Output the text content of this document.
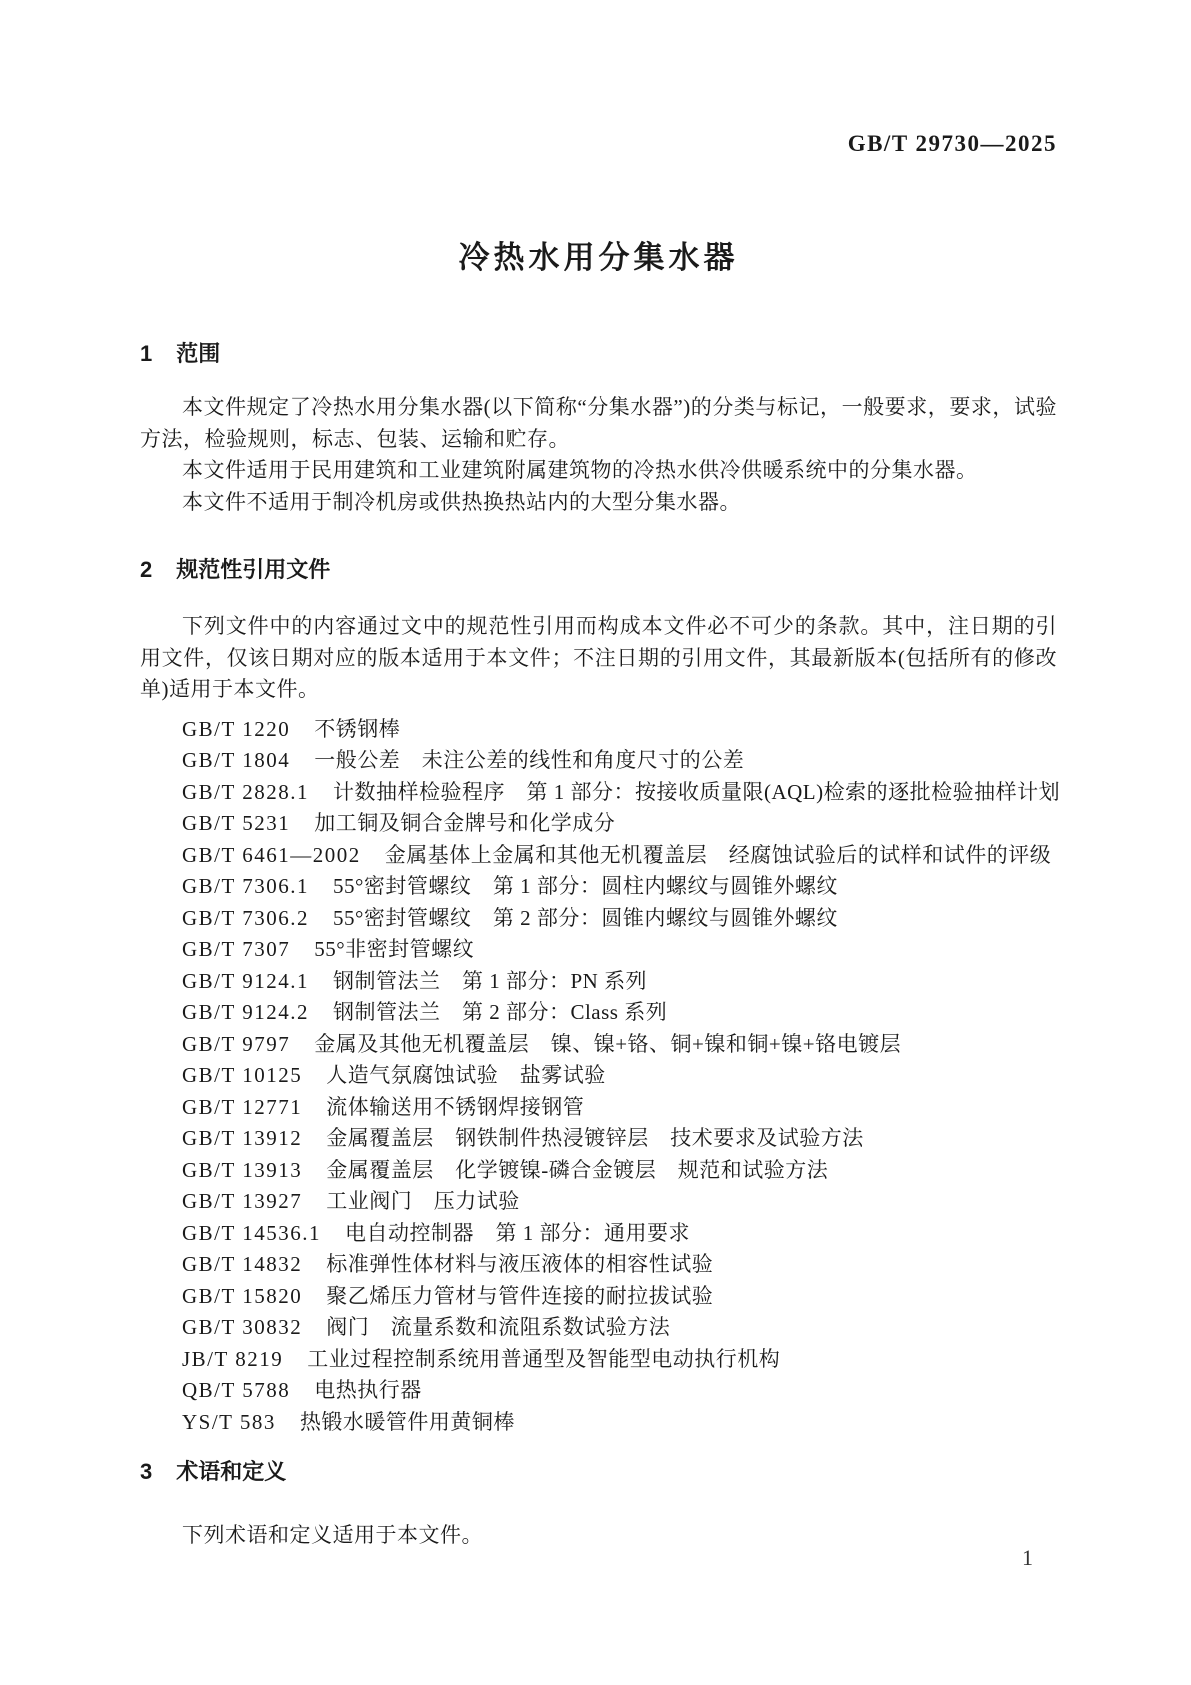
GB/T 29730—2025
冷热水用分集水器
1 范围

本文件规定了冷热水用分集水器(以下简称“分集水器”)的分类与标记，一般要求，要求，试验方法，检验规则，标志、包装、运输和贮存。

本文件适用于民用建筑和工业建筑附属建筑物的冷热水供冷供暖系统中的分集水器。

本文件不适用于制冷机房或供热换热站内的大型分集水器。

2 规范性引用文件

下列文件中的内容通过文中的规范性引用而构成本文件必不可少的条款。其中，注日期的引用文件，仅该日期对应的版本适用于本文件；不注日期的引用文件，其最新版本(包括所有的修改单)适用于本文件。

GB/T 1220 不锈钢棒
GB/T 1804 一般公差　未注公差的线性和角度尺寸的公差
GB/T 2828.1 计数抽样检验程序　第 1 部分：按接收质量限(AQL)检索的逐批检验抽样计划
GB/T 5231 加工铜及铜合金牌号和化学成分
GB/T 6461—2002 金属基体上金属和其他无机覆盖层　经腐蚀试验后的试样和试件的评级
GB/T 7306.1 55°密封管螺纹　第 1 部分：圆柱内螺纹与圆锥外螺纹
GB/T 7306.2 55°密封管螺纹　第 2 部分：圆锥内螺纹与圆锥外螺纹
GB/T 7307 55°非密封管螺纹
GB/T 9124.1 钢制管法兰　第 1 部分：PN 系列
GB/T 9124.2 钢制管法兰　第 2 部分：Class 系列
GB/T 9797 金属及其他无机覆盖层　镍、镍+铬、铜+镍和铜+镍+铬电镀层
GB/T 10125 人造气氛腐蚀试验　盐雾试验
GB/T 12771 流体输送用不锈钢焊接钢管
GB/T 13912 金属覆盖层　钢铁制件热浸镀锌层　技术要求及试验方法
GB/T 13913 金属覆盖层　化学镀镍-磷合金镀层　规范和试验方法
GB/T 13927 工业阀门　压力试验
GB/T 14536.1 电自动控制器　第 1 部分：通用要求
GB/T 14832 标准弹性体材料与液压液体的相容性试验
GB/T 15820 聚乙烯压力管材与管件连接的耐拉拔试验
GB/T 30832 阀门　流量系数和流阻系数试验方法
JB/T 8219 工业过程控制系统用普通型及智能型电动执行机构
QB/T 5788 电热执行器
YS/T 583 热锻水暖管件用黄铜棒
3 术语和定义

下列术语和定义适用于本文件。

1
